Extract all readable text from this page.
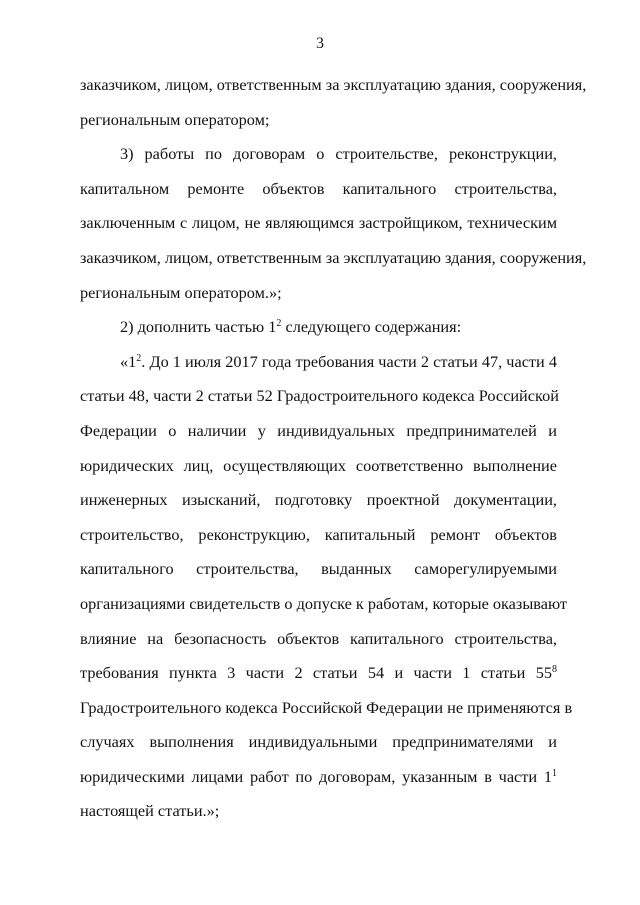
3
заказчиком, лицом, ответственным за эксплуатацию здания, сооружения,
региональным оператором;
3) работы по договорам о строительстве, реконструкции,
капитальном ремонте объектов капитального строительства,
заключенным с лицом, не являющимся застройщиком, техническим
заказчиком, лицом, ответственным за эксплуатацию здания, сооружения,
региональным оператором.»;
2) дополнить частью $1^2$ следующего содержания:
«$1^2$. До 1 июля 2017 года требования части 2 статьи 47, части 4
статьи 48, части 2 статьи 52 Градостроительного кодекса Российской
Федерации о наличии у индивидуальных предпринимателей и
юридических лиц, осуществляющих соответственно выполнение
инженерных изысканий, подготовку проектной документации,
строительство, реконструкцию, капитальный ремонт объектов
капитального строительства, выданных саморегулируемыми
организациями свидетельств о допуске к работам, которые оказывают
влияние на безопасность объектов капитального строительства,
требования пункта 3 части 2 статьи 54 и части 1 статьи $55^8$
Градостроительного кодекса Российской Федерации не применяются в
случаях выполнения индивидуальными предпринимателями и
юридическими лицами работ по договорам, указанным в части $1^1$
настоящей статьи.»;
